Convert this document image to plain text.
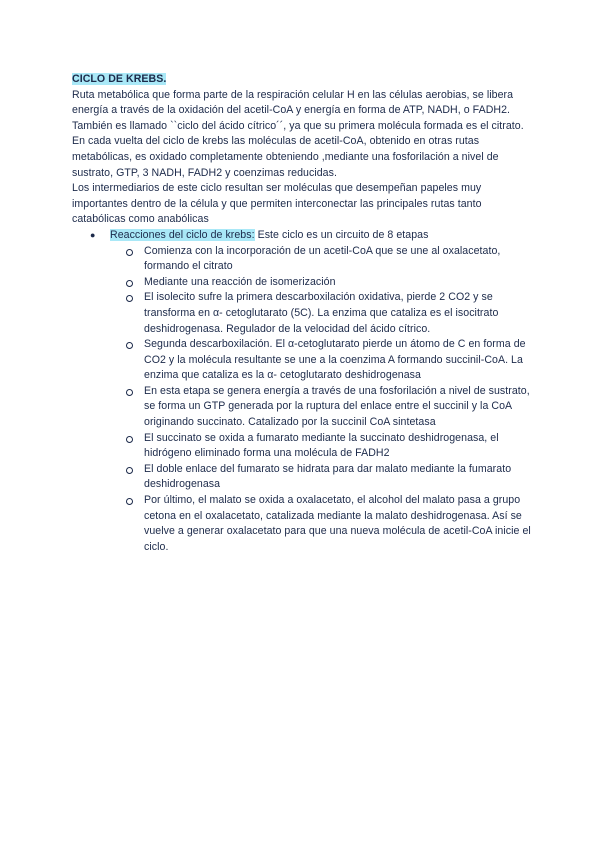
CICLO DE KREBS.

Ruta metabólica que forma parte de la respiración celular H en las células aerobias, se libera energía a través de la oxidación del acetil-CoA y energía en forma de ATP, NADH, o FADH2.

También es llamado ``ciclo del ácido cítrico´´, ya que su primera molécula formada es el citrato.

En cada vuelta del ciclo de krebs las moléculas de acetil-CoA, obtenido en otras rutas metabólicas, es oxidado completamente obteniendo ,mediante una fosforilación a nivel de sustrato, GTP, 3 NADH, FADH2 y coenzimas reducidas.

Los intermediarios de este ciclo resultan ser moléculas que desempeñan papeles muy importantes dentro de la célula y que permiten interconectar las principales rutas tanto catabólicas como anabólicas

● Reacciones del ciclo de krebs: Este ciclo es un circuito de 8 etapas
Comienza con la incorporación de un acetil-CoA que se une al oxalacetato, formando el citrato
Mediante una reacción de isomerización
El isolecito sufre la primera descarboxilación oxidativa, pierde 2 CO2 y se transforma en α- cetoglutarato (5C). La enzima que cataliza es el isocitrato deshidrogenasa. Regulador de la velocidad del ácido cítrico.
Segunda descarboxilación. El α-cetoglutarato pierde un átomo de C en forma de CO2 y la molécula resultante se une a la coenzima A formando succinil-CoA. La enzima que cataliza es la α- cetoglutarato deshidrogenasa
En esta etapa se genera energía a través de una fosforilación a nivel de sustrato, se forma un GTP generada por la ruptura del enlace entre el succinil y la CoA originando succinato. Catalizado por la succinil CoA sintetasa
El succinato se oxida a fumarato mediante la succinato deshidrogenasa, el hidrógeno eliminado forma una molécula de FADH2
El doble enlace del fumarato se hidrata para dar malato mediante la fumarato deshidrogenasa
Por último, el malato se oxida a oxalacetato, el alcohol del malato pasa a grupo cetona en el oxalacetato, catalizada mediante la malato deshidrogenasa. Así se vuelve a generar oxalacetato para que una nueva molécula de acetil-CoA inicie el ciclo.
